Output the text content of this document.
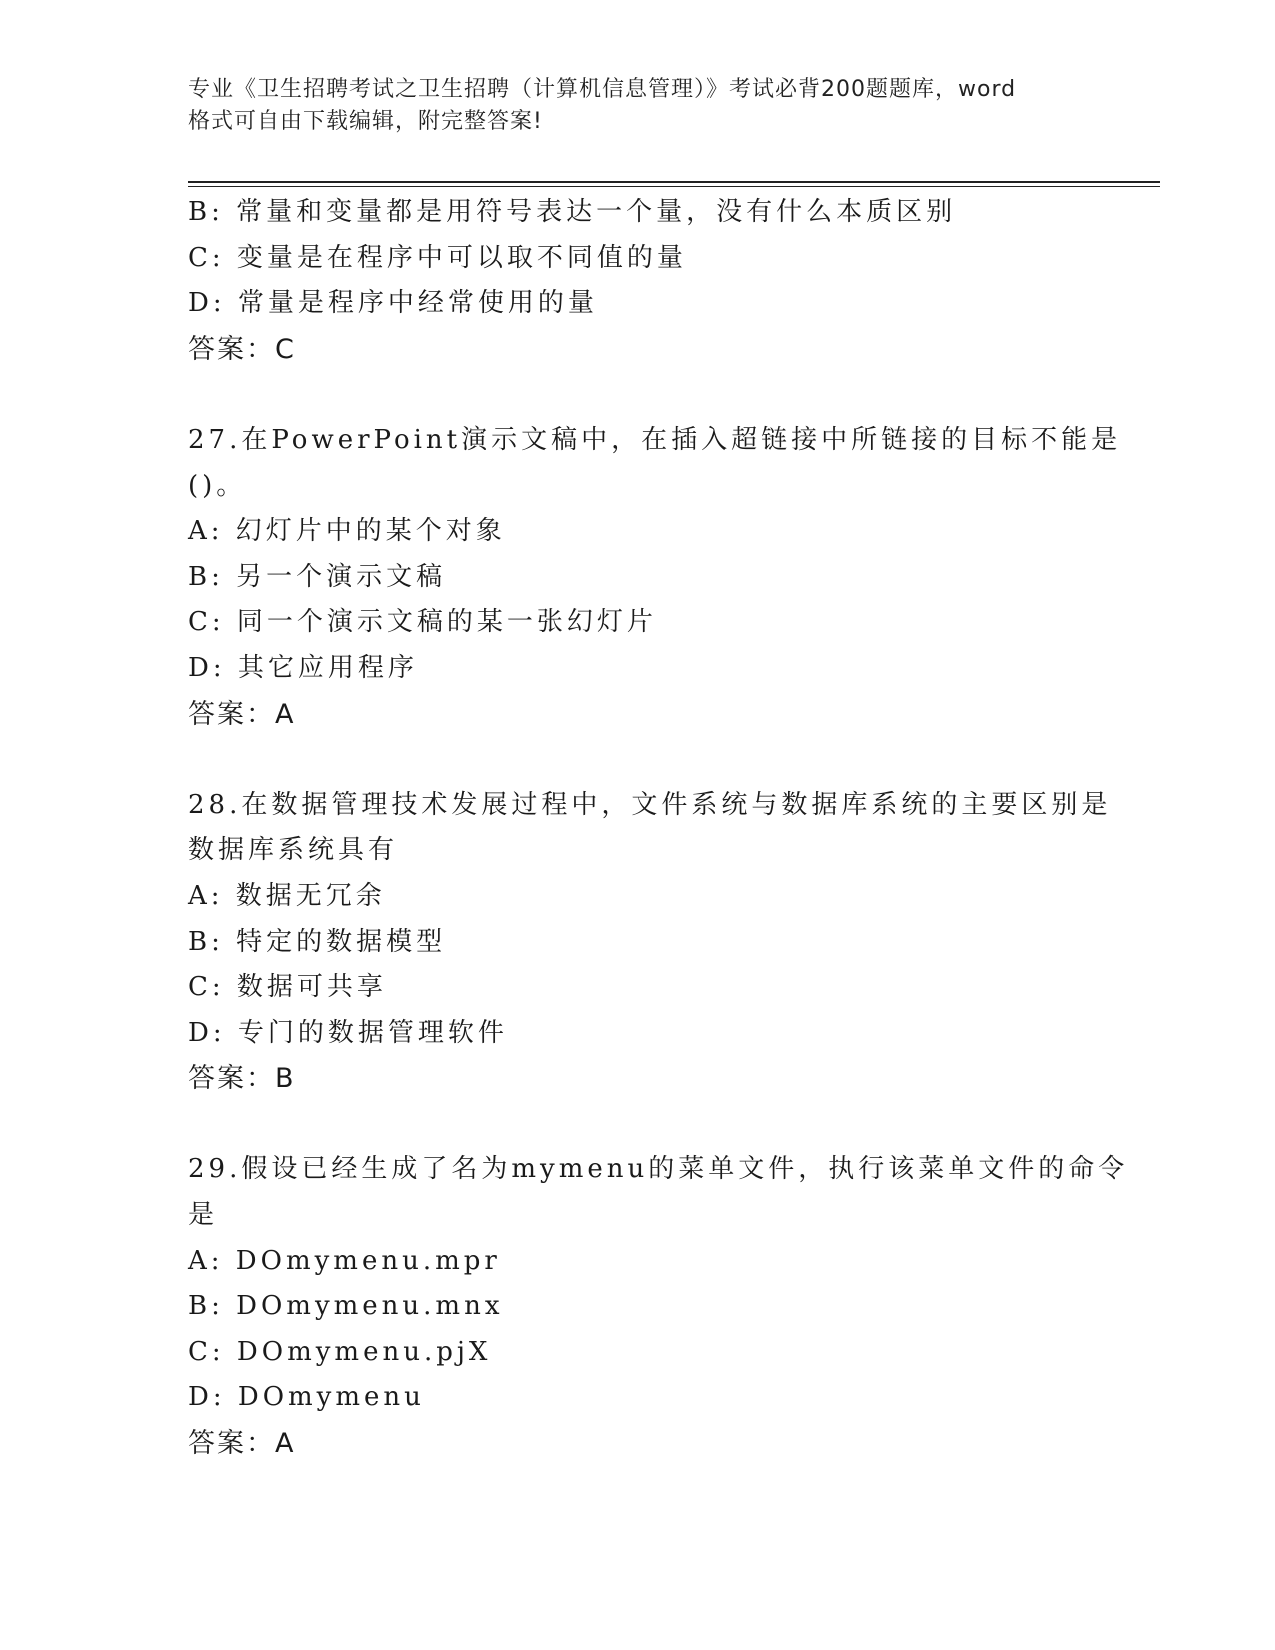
专业《卫生招聘考试之卫生招聘（计算机信息管理）》考试必背200题题库，word
格式可自由下载编辑，附完整答案!
B: 常量和变量都是用符号表达一个量，没有什么本质区别
C: 变量是在程序中可以取不同值的量
D: 常量是程序中经常使用的量
答案：C
27.在PowerPoint演示文稿中，在插入超链接中所链接的目标不能是
()。
A: 幻灯片中的某个对象
B: 另一个演示文稿
C: 同一个演示文稿的某一张幻灯片
D: 其它应用程序
答案：A
28.在数据管理技术发展过程中，文件系统与数据库系统的主要区别是
数据库系统具有
A: 数据无冗余
B: 特定的数据模型
C: 数据可共享
D: 专门的数据管理软件
答案：B
29.假设已经生成了名为mymenu的菜单文件，执行该菜单文件的命令
是
A: DOmymenu.mpr
B: DOmymenu.mnx
C: DOmymenu.pjX
D: DOmymenu
答案：A
